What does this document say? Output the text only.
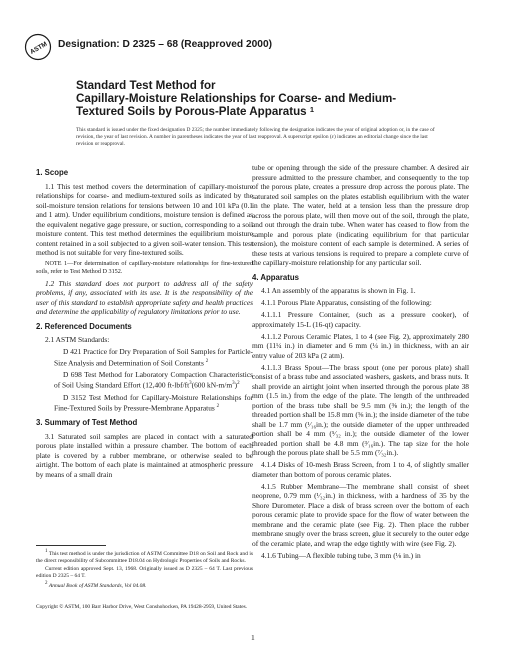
ASTM Designation: D 2325 – 68 (Reapproved 2000)
Standard Test Method for
Capillary-Moisture Relationships for Coarse- and Medium-
Textured Soils by Porous-Plate Apparatus $^1$
This standard is issued under the fixed designation D 2325; the number immediately following the designation indicates the year of original adoption or, in the case of revision, the year of last revision. A number in parentheses indicates the year of last reapproval. A superscript epsilon (ε) indicates an editorial change since the last revision or reapproval.
1. Scope

1.1 This test method covers the determination of capillary-moisture relationships for coarse- and medium-textured soils as indicated by the soil-moisture tension relations for tensions between 10 and 101 kPa (0.1 and 1 atm). Under equilibrium conditions, moisture tension is defined as the equivalent negative gage pressure, or suction, corresponding to a soil moisture content. This test method determines the equilibrium moisture content retained in a soil subjected to a given soil-water tension. This test method is not suitable for very fine-textured soils.

NOTE 1—For determination of capillary-moisture relationships for fine-textured soils, refer to Test Method D 3152.

1.2 This standard does not purport to address all of the safety problems, if any, associated with its use. It is the responsibility of the user of this standard to establish appropriate safety and health practices and determine the applicability of regulatory limitations prior to use.

2. Referenced Documents

2.1 ASTM Standards:

D 421 Practice for Dry Preparation of Soil Samples for Particle-Size Analysis and Determination of Soil Constants $^2$

D 698 Test Method for Laboratory Compaction Characteristics of Soil Using Standard Effort (12,400 $ft-lbf/ft^3(600$ $kN-m/m^3)^2$

D 3152 Test Method for Capillary-Moisture Relationships for Fine-Textured Soils by Pressure-Membrane Apparatus $^2$

3. Summary of Test Method

3.1 Saturated soil samples are placed in contact with a saturated porous plate installed within a pressure chamber. The bottom of each plate is covered by a rubber membrane, or otherwise sealed to be airtight. The bottom of each plate is maintained at atmospheric pressure by means of a small drain

tube or opening through the side of the pressure chamber. A desired air pressure admitted to the pressure chamber, and consequently to the top of the porous plate, creates a pressure drop across the porous plate. The saturated soil samples on the plates establish equilibrium with the water in the plate. The water, held at a tension less than the pressure drop across the porous plate, will then move out of the soil, through the plate, and out through the drain tube. When water has ceased to flow from the sample and porous plate (indicating equilibrium for that particular tension), the moisture content of each sample is determined. A series of these tests at various tensions is required to prepare a complete curve of the capillary-moisture relationship for any particular soil.

4. Apparatus

4.1 An assembly of the apparatus is shown in Fig. 1.

4.1.1 Porous Plate Apparatus, consisting of the following:

4.1.1.1 Pressure Container, (such as a pressure cooker), of approximately 15-L (16-qt) capacity.

4.1.1.2 Porous Ceramic Plates, 1 to 4 (see Fig. 2), approximately 280 mm (11¼ in.) in diameter and 6 mm (¼ in.) in thickness, with an air entry value of 203 kPa (2 atm).

4.1.1.3 Brass Spout—The brass spout (one per porous plate) shall consist of a brass tube and associated washers, gaskets, and brass nuts. It shall provide an airtight joint when inserted through the porous plate 38 mm (1.5 in.) from the edge of the plate. The length of the unthreaded portion of the brass tube shall be 9.5 mm (⅜ in.); the length of the threaded portion shall be 15.8 mm (⅝ in.); the inside diameter of the tube shall be 1.7 mm (¹⁄₁₆in.); the outside diameter of the upper unthreaded portion shall be 4 mm (⁵⁄₃₂ in.); the outside diameter of the lower threaded portion shall be 4.8 mm (³⁄₁₆in.). The tap size for the hole through the porous plate shall be 5.5 mm (⁷⁄₃₂in.).

4.1.4 Disks of 10-mesh Brass Screen, from 1 to 4, of slightly smaller diameter than bottom of porous ceramic plates.

4.1.5 Rubber Membrane—The membrane shall consist of sheet neoprene, 0.79 mm (¹⁄₃₂in.) in thickness, with a hardness of 35 by the Shore Durometer. Place a disk of brass screen over the bottom of each porous ceramic plate to provide space for the flow of water between the membrane and the ceramic plate (see Fig. 2). Then place the rubber membrane snugly over the brass screen, glue it securely to the outer edge of the ceramic plate, and wrap the edge tightly with wire (see Fig. 2).

4.1.6 Tubing—A flexible tubing tube, 3 mm (⅛ in.) in

$^1$ This test method is under the jurisdiction of ASTM Committee D18 on Soil and Rock and is the direct responsibility of Subcommittee D18.04 on Hydrologic Properties of Soils and Rocks.

Current edition approved Sept. 13, 1968. Originally issued as D 2325 – 64 T. Last previous edition D 2325 – 64 T.

$^2$ Annual Book of ASTM Standards, Vol 04.08.

Copyright © ASTM, 100 Barr Harbor Drive, West Conshohocken, PA 19428-2959, United States.
1
